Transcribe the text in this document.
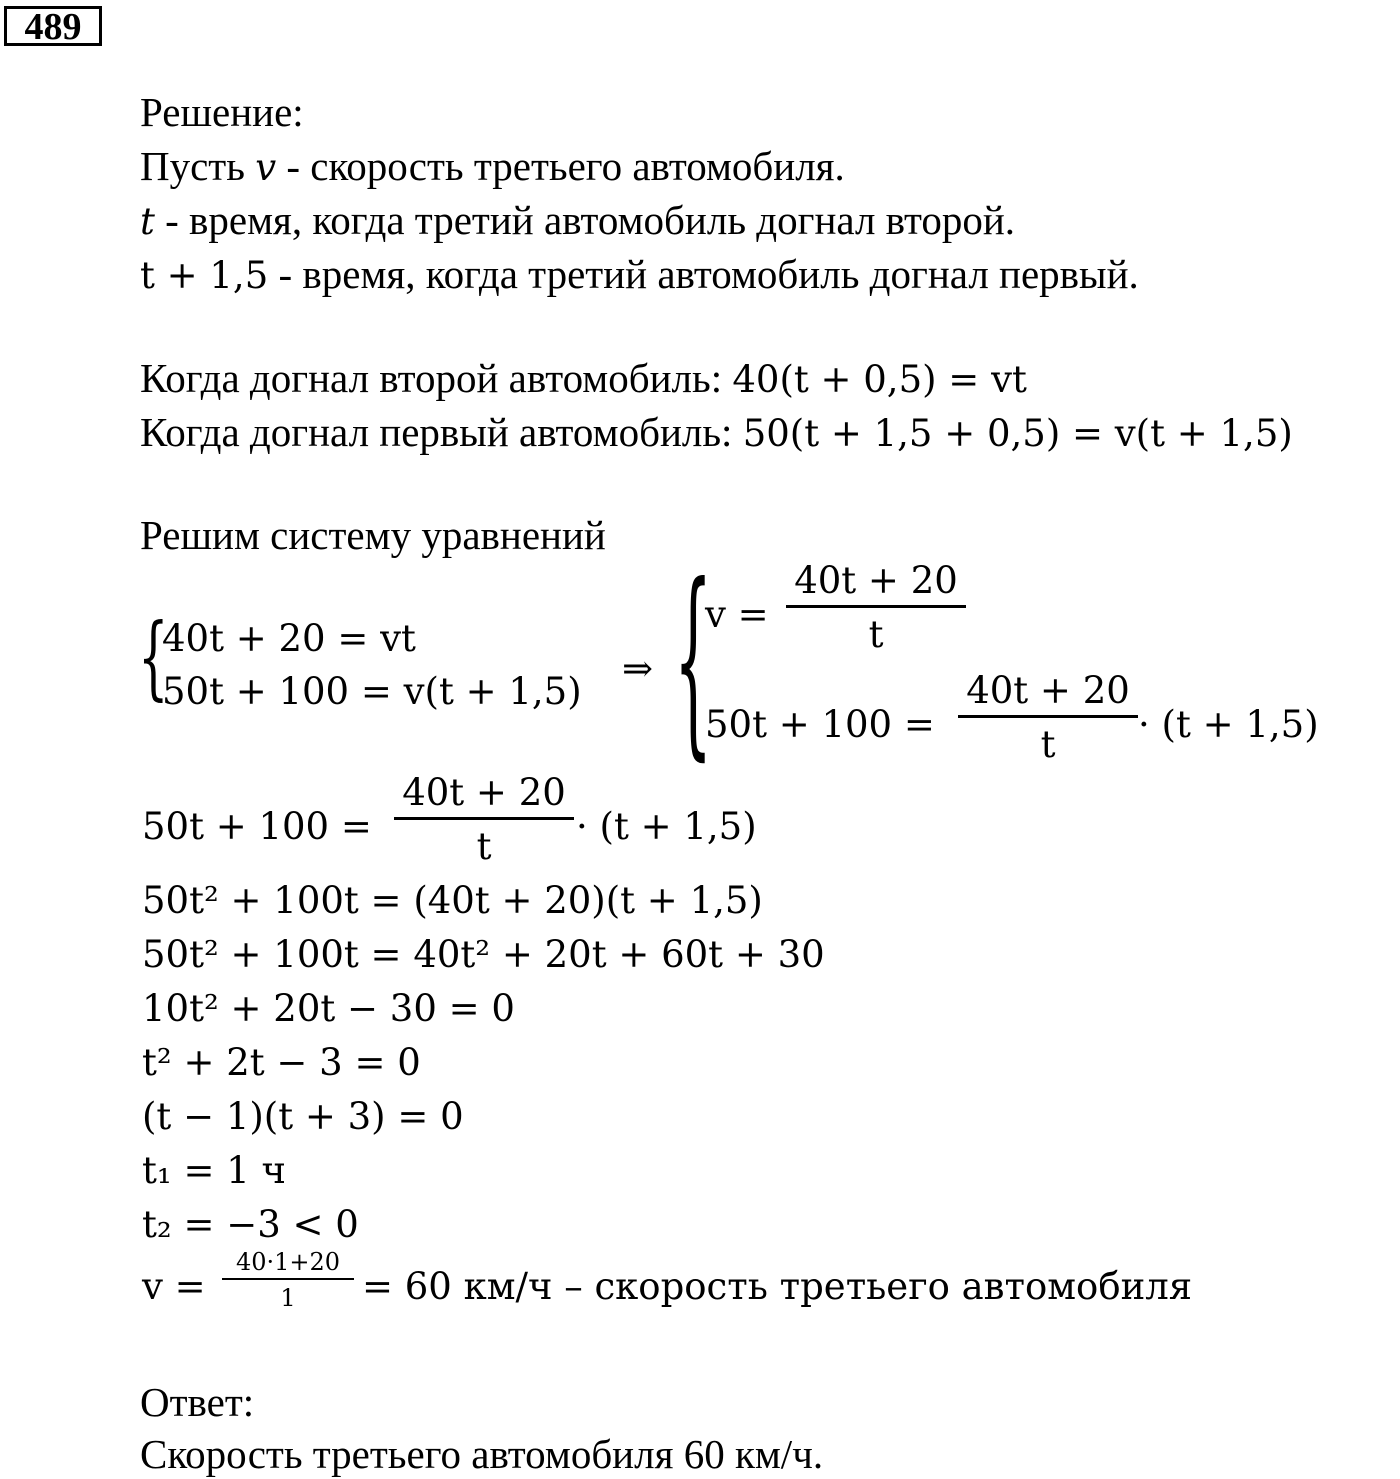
489
Решение:
Пусть v - скорость третьего автомобиля.
t - время, когда третий автомобиль догнал второй.
t + 1,5 - время, когда третий автомобиль догнал первый.
Когда догнал второй автомобиль: 40(t + 0,5) = vt
Когда догнал первый автомобиль: 50(t + 1,5 + 0,5) = v(t + 1,5)
Решим систему уравнений
{
40t + 20 = vt
50t + 100 = v(t + 1,5)
⇒ {
v =
40t + 20
t
50t + 100 =
40t + 20
t · (t + 1,5)
50t + 100 =
40t + 20
t · (t + 1,5)
50t² + 100t = (40t + 20)(t + 1,5)
50t² + 100t = 40t² + 20t + 60t + 30
10t² + 20t − 30 = 0
t² + 2t − 3 = 0
(t − 1)(t + 3) = 0
t₁ = 1 ч
t₂ = −3 < 0
v =
40·1+20
1 = 60 км/ч – скорость третьего автомобиля
Ответ:
Скорость третьего автомобиля 60 км/ч.
